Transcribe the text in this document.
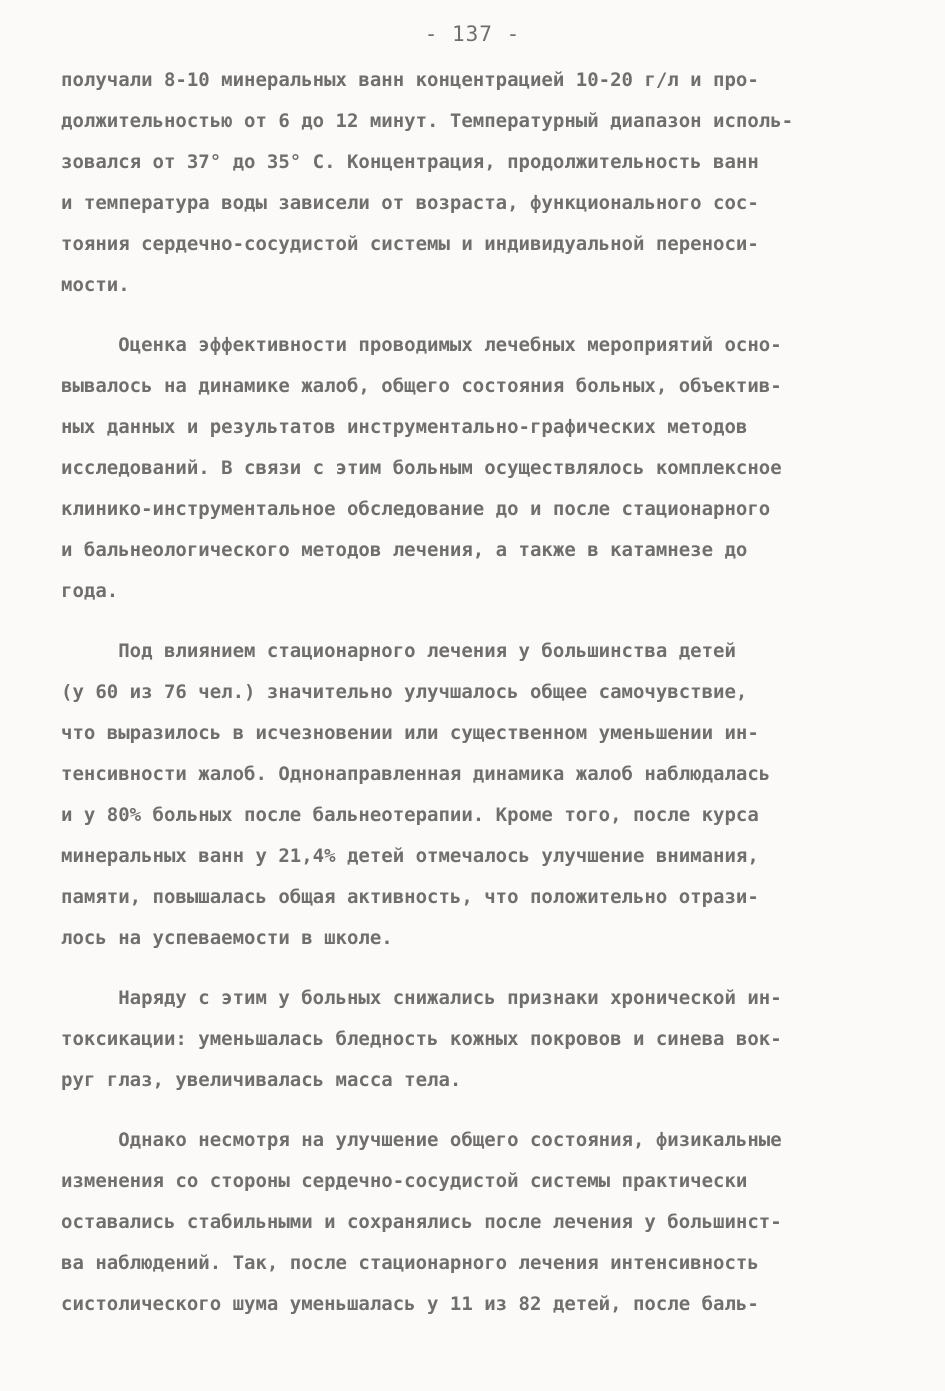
- 137 -

получали 8-10 минеральных ванн концентрацией 10-20 г/л и про-
должительностью от 6 до 12 минут. Температурный диапазон исполь-
зовался от 37° до 35° С. Концентрация, продолжительность ванн
и температура воды зависели от возраста, функционального сос-
тояния сердечно-сосудистой системы и индивидуальной переноси-
мости.

Оценка эффективности проводимых лечебных мероприятий осно-
вывалось на динамике жалоб, общего состояния больных, объектив-
ных данных и результатов инструментально-графических методов
исследований. В связи с этим больным осуществлялось комплексное
клинико-инструментальное обследование до и после стационарного
и бальнеологического методов лечения, а также в катамнезе до
года.

Под влиянием стационарного лечения у большинства детей
(у 60 из 76 чел.) значительно улучшалось общее самочувствие,
что выразилось в исчезновении или существенном уменьшении ин-
тенсивности жалоб. Однонаправленная динамика жалоб наблюдалась
и у 80% больных после бальнеотерапии. Кроме того, после курса
минеральных ванн у 21,4% детей отмечалось улучшение внимания,
памяти, повышалась общая активность, что положительно отрази-
лось на успеваемости в школе.

Наряду с этим у больных снижались признаки хронической ин-
токсикации: уменьшалась бледность кожных покровов и синева вок-
руг глаз, увеличивалась масса тела.

Однако несмотря на улучшение общего состояния, физикальные
изменения со стороны сердечно-сосудистой системы практически
оставались стабильными и сохранялись после лечения у большинст-
ва наблюдений. Так, после стационарного лечения интенсивность
систолического шума уменьшалась у 11 из 82 детей, после баль-
